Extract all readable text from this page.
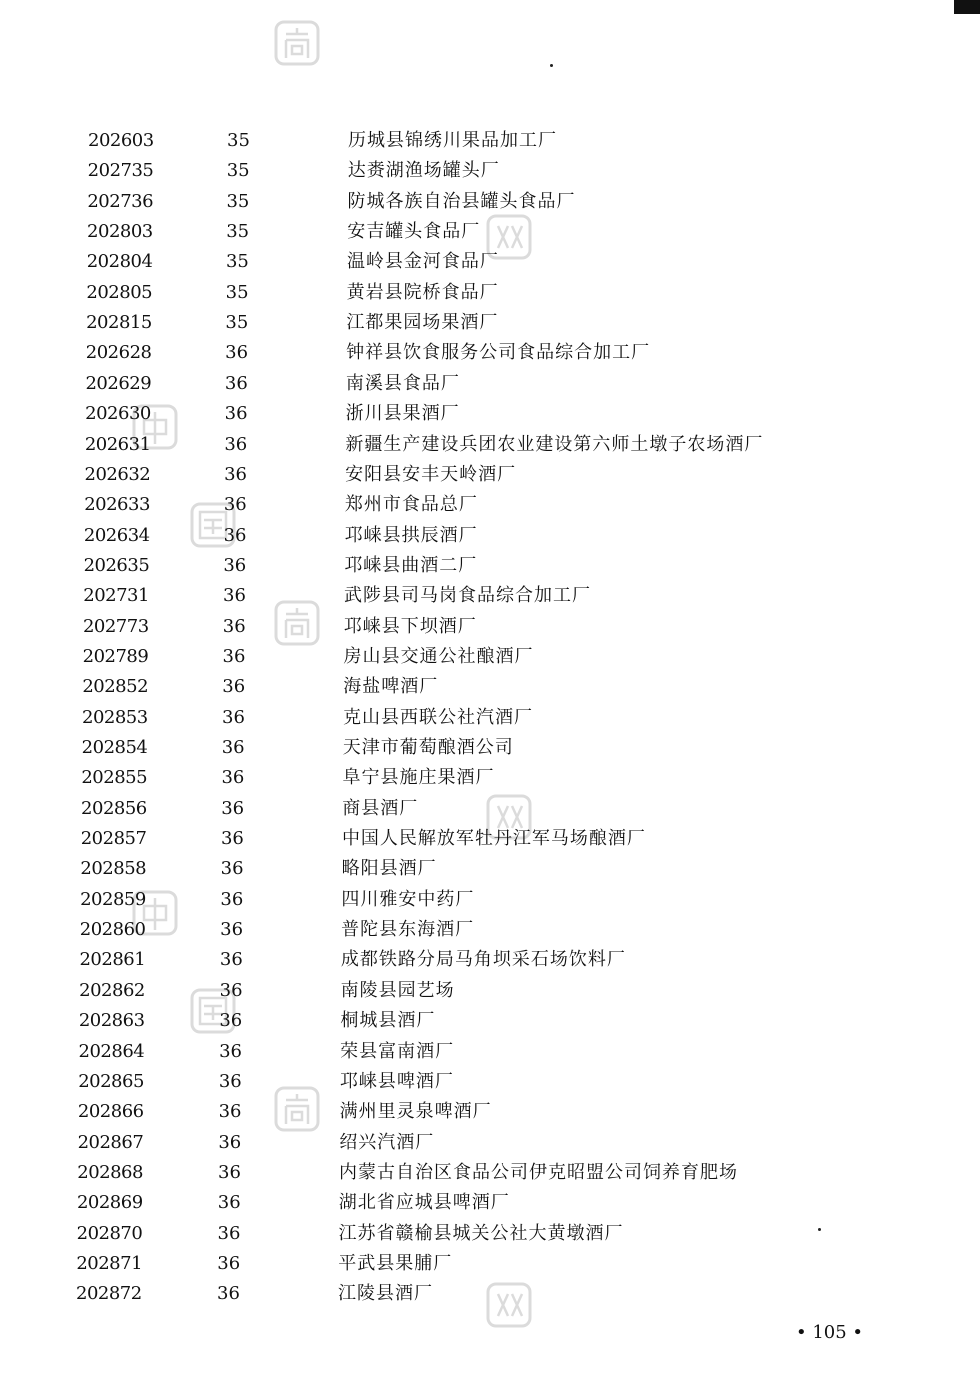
202603	35	历城县锦绣川果品加工厂
202735	35	达赉湖渔场罐头厂
202736	35	防城各族自治县罐头食品厂
202803	35	安吉罐头食品厂
202804	35	温岭县金河食品厂
202805	35	黄岩县院桥食品厂
202815	35	江都果园场果酒厂
202628	36	钟祥县饮食服务公司食品综合加工厂
202629	36	南溪县食品厂
202630	36	浙川县果酒厂
202631	36	新疆生产建设兵团农业建设第六师土墩子农场酒厂
202632	36	安阳县安丰天岭酒厂
202633	36	郑州市食品总厂
202634	36	邛崃县拱辰酒厂
202635	36	邛崃县曲酒二厂
202731	36	武陟县司马岗食品综合加工厂
202773	36	邛崃县下坝酒厂
202789	36	房山县交通公社酿酒厂
202852	36	海盐啤酒厂
202853	36	克山县西联公社汽酒厂
202854	36	天津市葡萄酿酒公司
202855	36	阜宁县施庄果酒厂
202856	36	商县酒厂
202857	36	中国人民解放军牡丹江军马场酿酒厂
202858	36	略阳县酒厂
202859	36	四川雅安中药厂
202860	36	普陀县东海酒厂
202861	36	成都铁路分局马角坝采石场饮料厂
202862	36	南陵县园艺场
202863	36	桐城县酒厂
202864	36	荣县富南酒厂
202865	36	邛崃县啤酒厂
202866	36	满州里灵泉啤酒厂
202867	36	绍兴汽酒厂
202868	36	内蒙古自治区食品公司伊克昭盟公司饲养育肥场
202869	36	湖北省应城县啤酒厂
202870	36	江苏省赣榆县城关公社大黄墩酒厂
202871	36	平武县果脯厂
202872	36	江陵县酒厂
• 105 •
